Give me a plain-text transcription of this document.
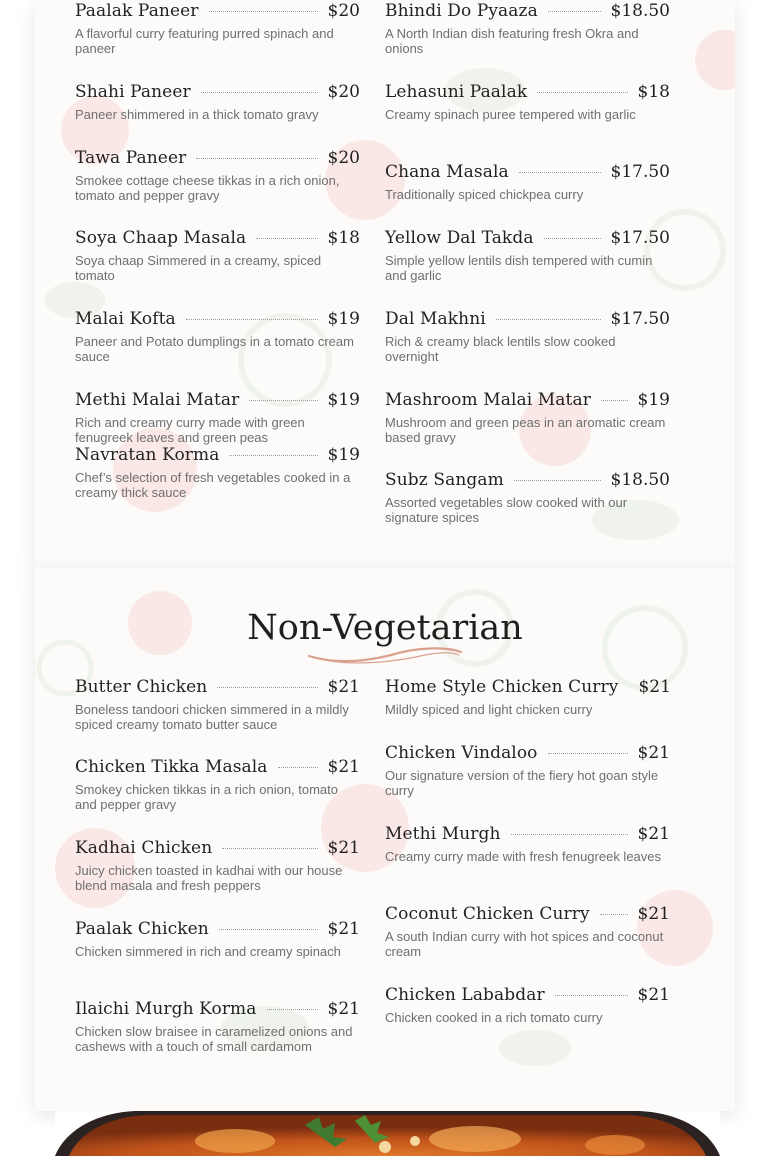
Paalak Paneer	$20
A flavorful curry featuring purred spinach and paneer
Shahi Paneer	$20
Paneer shimmered in a thick tomato gravy
Tawa Paneer	$20
Smokee cottage cheese tikkas in a rich onion, tomato and pepper gravy
Soya Chaap Masala	$18
Soya chaap Simmered in a creamy, spiced tomato
Malai Kofta	$19
Paneer and Potato dumplings in a tomato cream sauce
Methi Malai Matar	$19
Rich and creamy curry made with green fenugreek leaves and green peas
Navratan Korma	$19
Chef’s selection of fresh vegetables cooked in a creamy thick sauce
Bhindi Do Pyaaza	$18.50
A North Indian dish featuring fresh Okra and onions
Lehasuni Paalak	$18
Creamy spinach puree tempered with garlic
Chana Masala	$17.50
Traditionally spiced chickpea curry
Yellow Dal Takda	$17.50
Simple yellow lentils dish tempered with cumin and garlic
Dal Makhni	$17.50
Rich & creamy black lentils slow cooked overnight
Mashroom Malai Matar	$19
Mushroom and green peas in an aromatic cream based gravy
Subz Sangam	$18.50
Assorted vegetables slow cooked with our signature spices
Non-Vegetarian
Butter Chicken	$21
Boneless tandoori chicken simmered in a mildly spiced creamy tomato butter sauce
Chicken Tikka Masala	$21
Smokey chicken tikkas in a rich onion, tomato and pepper gravy
Kadhai Chicken	$21
Juicy chicken toasted in kadhai with our house blend masala and fresh peppers
Paalak Chicken	$21
Chicken simmered in rich and creamy spinach
Ilaichi Murgh Korma	$21
Chicken slow braisee in caramelized onions and cashews with a touch of small cardamom
Home Style Chicken Curry $21
Mildly spiced and light chicken curry
Chicken Vindaloo	$21
Our signature version of the fiery hot goan style curry
Methi Murgh	$21
Creamy curry made with fresh fenugreek leaves
Coconut Chicken Curry	$21
A south Indian curry with hot spices and coconut cream
Chicken Lababdar	$21
Chicken cooked in a rich tomato curry
